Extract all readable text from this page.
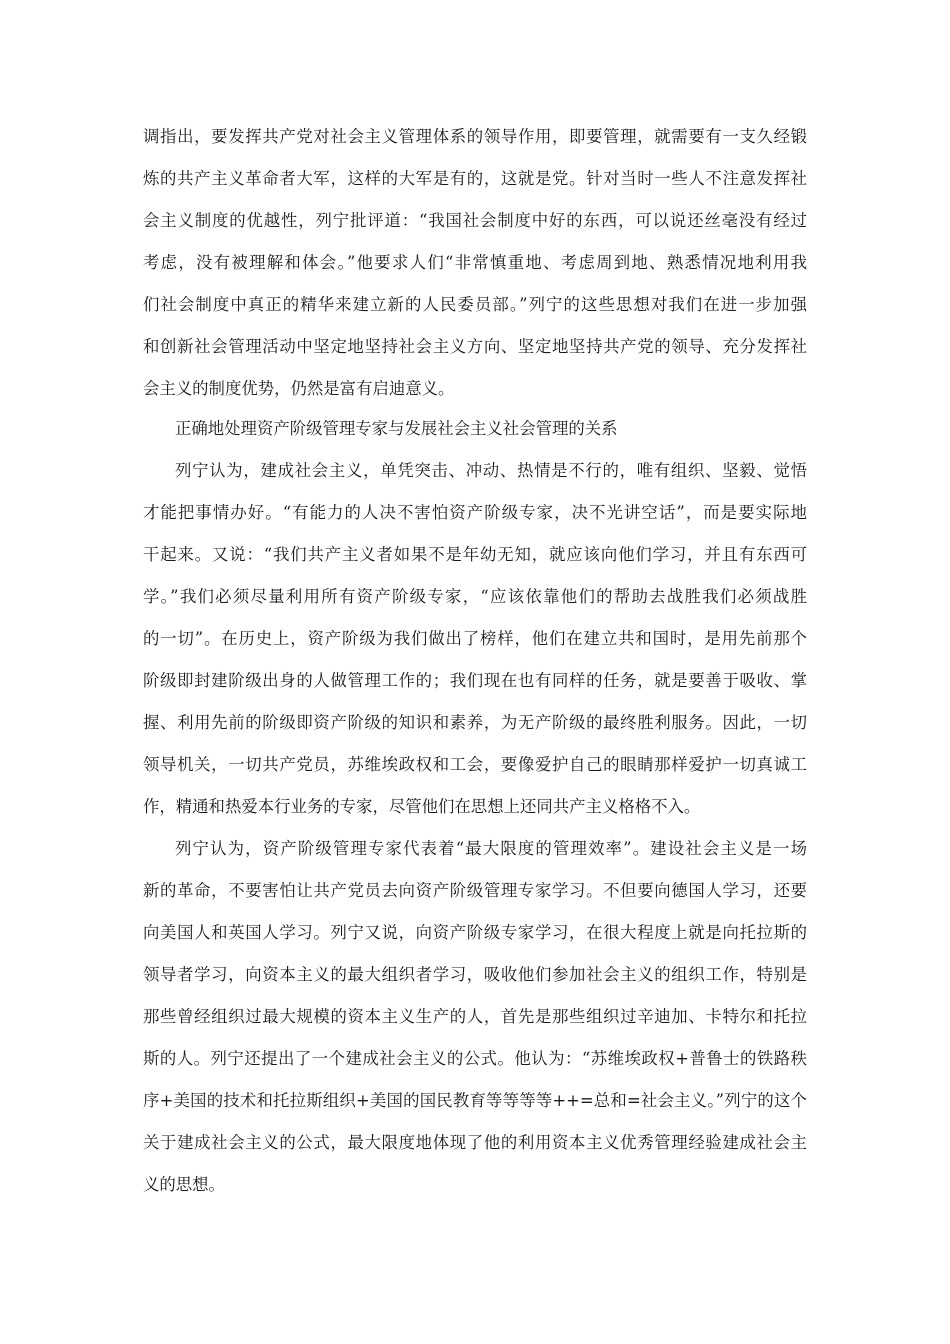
调指出，要发挥共产党对社会主义管理体系的领导作用，即要管理，就需要有一支久经锻
炼的共产主义革命者大军，这样的大军是有的，这就是党。针对当时一些人不注意发挥社
会主义制度的优越性，列宁批评道：“我国社会制度中好的东西，可以说还丝毫没有经过
考虑，没有被理解和体会。”他要求人们“非常慎重地、考虑周到地、熟悉情况地利用我
们社会制度中真正的精华来建立新的人民委员部。”列宁的这些思想对我们在进一步加强
和创新社会管理活动中坚定地坚持社会主义方向、坚定地坚持共产党的领导、充分发挥社
会主义的制度优势，仍然是富有启迪意义。
正确地处理资产阶级管理专家与发展社会主义社会管理的关系
列宁认为，建成社会主义，单凭突击、冲动、热情是不行的，唯有组织、坚毅、觉悟
才能把事情办好。“有能力的人决不害怕资产阶级专家，决不光讲空话”，而是要实际地
干起来。又说：“我们共产主义者如果不是年幼无知，就应该向他们学习，并且有东西可
学。”我们必须尽量利用所有资产阶级专家，“应该依靠他们的帮助去战胜我们必须战胜
的一切”。在历史上，资产阶级为我们做出了榜样，他们在建立共和国时，是用先前那个
阶级即封建阶级出身的人做管理工作的；我们现在也有同样的任务，就是要善于吸收、掌
握、利用先前的阶级即资产阶级的知识和素养，为无产阶级的最终胜利服务。因此，一切
领导机关，一切共产党员，苏维埃政权和工会，要像爱护自己的眼睛那样爱护一切真诚工
作，精通和热爱本行业务的专家，尽管他们在思想上还同共产主义格格不入。
列宁认为，资产阶级管理专家代表着“最大限度的管理效率”。建设社会主义是一场
新的革命，不要害怕让共产党员去向资产阶级管理专家学习。不但要向德国人学习，还要
向美国人和英国人学习。列宁又说，向资产阶级专家学习，在很大程度上就是向托拉斯的
领导者学习，向资本主义的最大组织者学习，吸收他们参加社会主义的组织工作，特别是
那些曾经组织过最大规模的资本主义生产的人，首先是那些组织过辛迪加、卡特尔和托拉
斯的人。列宁还提出了一个建成社会主义的公式。他认为：“苏维埃政权+普鲁士的铁路秩
序+美国的技术和托拉斯组织+美国的国民教育等等等等++=总和=社会主义。”列宁的这个
关于建成社会主义的公式，最大限度地体现了他的利用资本主义优秀管理经验建成社会主
义的思想。
